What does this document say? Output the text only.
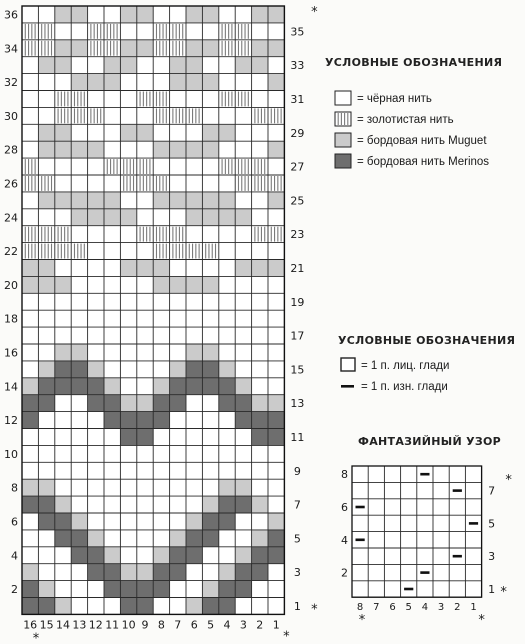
36
34
32
30
28
26
24
22
20
18
16
14
12
10
8
6
4
2
35
33
31
29
27
25
23
21
19
17
15
13
11
9
7
5
3
1
16 15 14 13 12 11 10 9 8 7 6 5 4 3 2 1
*
*
*
*
УСЛОВНЫЕ ОБОЗНАЧЕНИЯ
= чёрная нить
= золотистая нить
= бордовая нить Muguet
= бордовая нить Merinos
УСЛОВНЫЕ ОБОЗНАЧЕНИЯ
= 1 п. лиц. глади
= 1 п. изн. глади
ФАНТАЗИЙНЫЙ УЗОР
8
6
4
2
7
5
3
1
8 7 6 5 4 3 2 1
*
*
*	*
